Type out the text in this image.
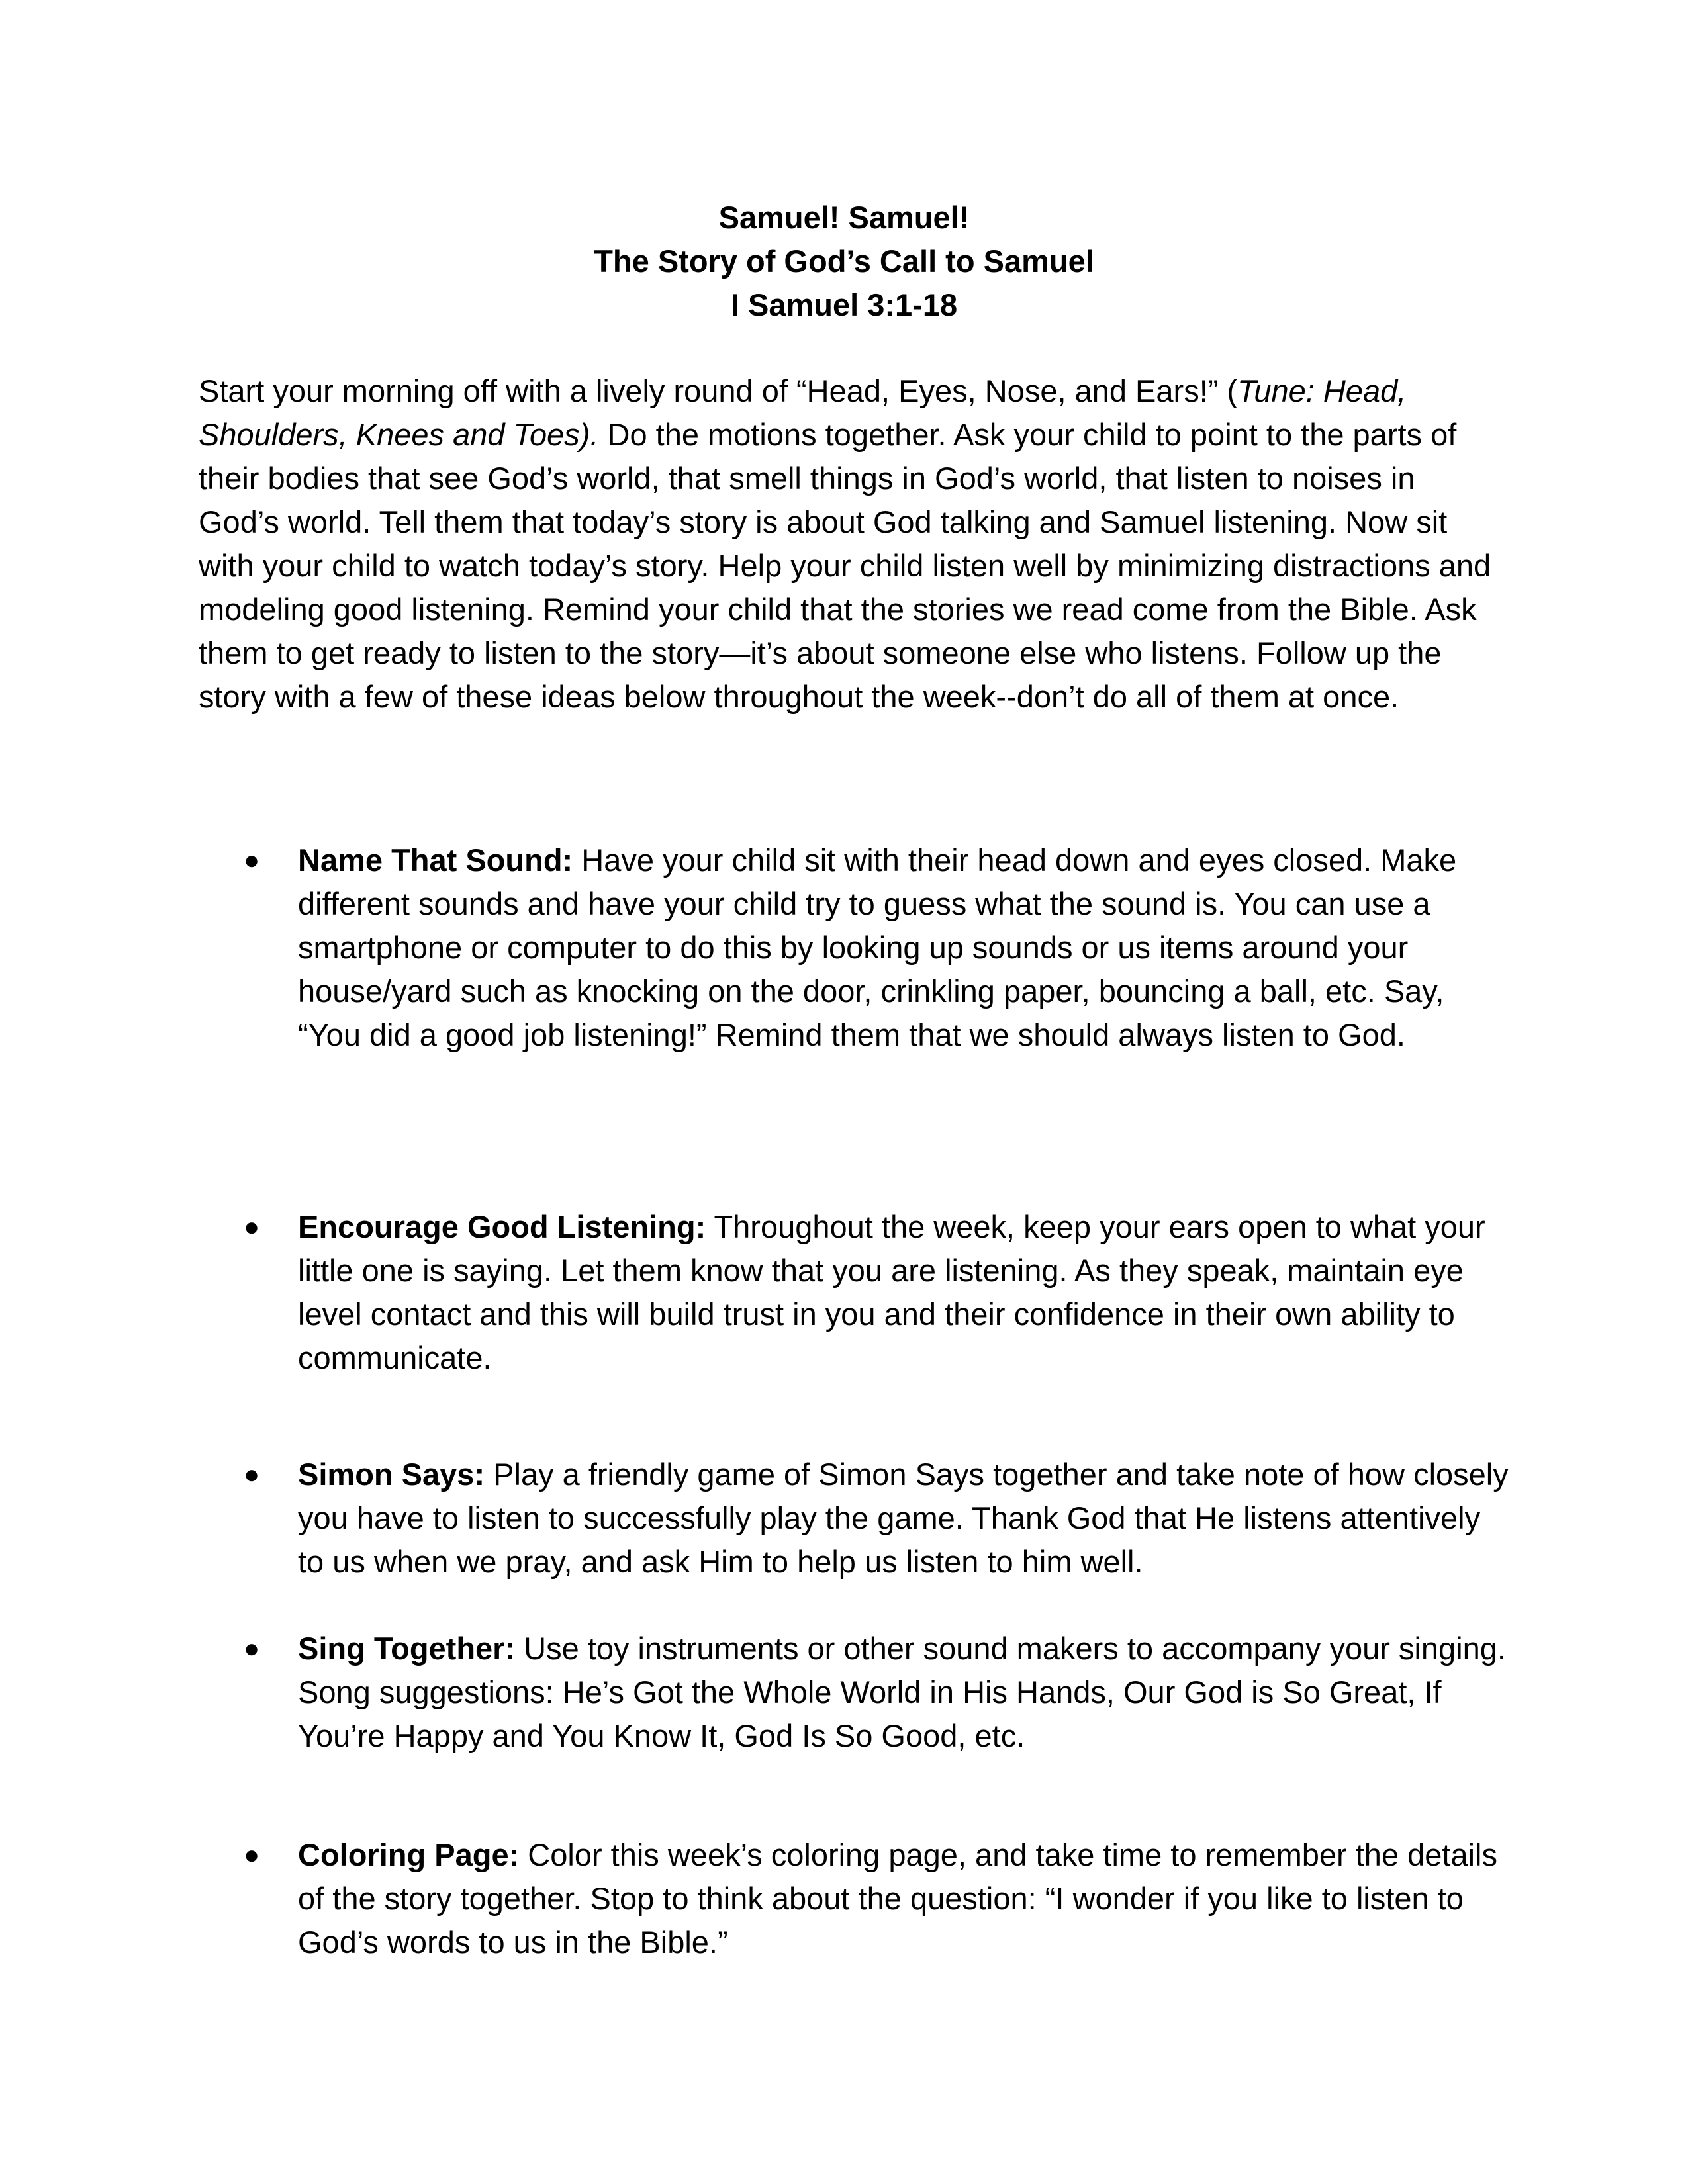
Samuel! Samuel!
The Story of God’s Call to Samuel
I Samuel 3:1-18

Start your morning off with a lively round of “Head, Eyes, Nose, and Ears!” (Tune: Head, Shoulders, Knees and Toes). Do the motions together. Ask your child to point to the parts of their bodies that see God’s world, that smell things in God’s world, that listen to noises in God’s world. Tell them that today’s story is about God talking and Samuel listening. Now sit with your child to watch today’s story. Help your child listen well by minimizing distractions and modeling good listening. Remind your child that the stories we read come from the Bible. Ask them to get ready to listen to the story—it’s about someone else who listens. Follow up the story with a few of these ideas below throughout the week--don’t do all of them at once.

● Name That Sound: Have your child sit with their head down and eyes closed. Make different sounds and have your child try to guess what the sound is. You can use a smartphone or computer to do this by looking up sounds or us items around your house/yard such as knocking on the door, crinkling paper, bouncing a ball, etc. Say, “You did a good job listening!” Remind them that we should always listen to God.

● Encourage Good Listening: Throughout the week, keep your ears open to what your little one is saying. Let them know that you are listening. As they speak, maintain eye level contact and this will build trust in you and their confidence in their own ability to communicate.

● Simon Says: Play a friendly game of Simon Says together and take note of how closely you have to listen to successfully play the game. Thank God that He listens attentively to us when we pray, and ask Him to help us listen to him well.

● Sing Together: Use toy instruments or other sound makers to accompany your singing. Song suggestions: He’s Got the Whole World in His Hands, Our God is So Great, If You’re Happy and You Know It, God Is So Good, etc.

● Coloring Page: Color this week’s coloring page, and take time to remember the details of the story together. Stop to think about the question: “I wonder if you like to listen to God’s words to us in the Bible.”
